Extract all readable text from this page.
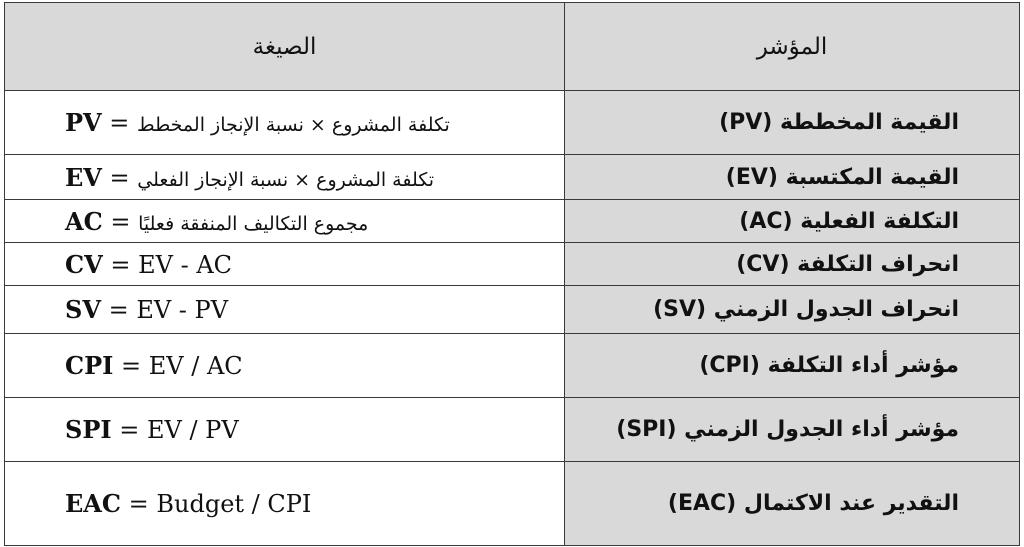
الصيغة	المؤشر
PV = تكلفة المشروع × نسبة الإنجاز المخطط	القيمة المخططة (PV)
EV = تكلفة المشروع × نسبة الإنجاز الفعلي	القيمة المكتسبة (EV)
AC = مجموع التكاليف المنفقة فعليًا	التكلفة الفعلية (AC)
CV = EV - AC	انحراف التكلفة (CV)
SV = EV - PV	انحراف الجدول الزمني (SV)
CPI = EV / AC	مؤشر أداء التكلفة (CPI)
SPI = EV / PV	مؤشر أداء الجدول الزمني (SPI)
EAC = Budget / CPI	التقدير عند الاكتمال (EAC)
